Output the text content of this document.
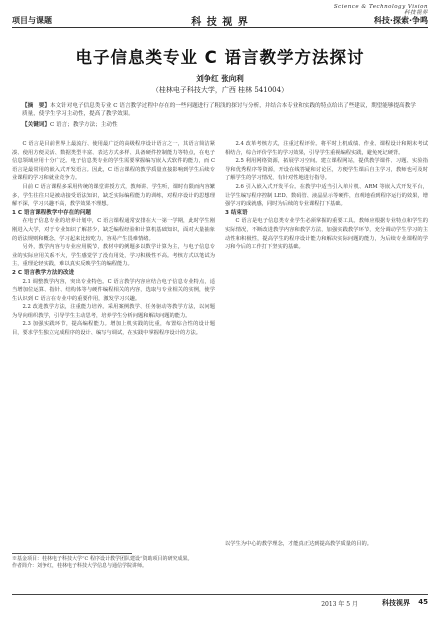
Science & Technology Vision
科技视界
项目与课题	科 技 视 界	科技·探索·争鸣
电子信息类专业 C 语言教学方法探讨
刘争红 张向利
（桂林电子科技大学，广西 桂林 541004）
【摘　要】本文针对电子信息类专业 C 语言教学过程中存在的一些问题进行了粗浅的探讨与分析，并结合本专业和实践的特点给出了些建议，期望能够提高教学质量，使学生学习主动性，提高了教学效果。
【关键词】C 语言；教学方法；主动性

C 语言是目前世界上最流行、使用最广泛的高级程序设计语言之一，其语言简洁紧凑、使用方便灵活、数据类型丰富、表达方式多样、具备硬件控制能力等特点，在电子信息领域应用十分广泛。电子信息类专业的学生需要掌握编写嵌入式软件的能力，而 C 语言是最常用的嵌入式开发语言。因此，C 语言课程的教学质量直接影响到学生后续专业课程的学习和就业竞争力。

目前 C 语言课程多采用传统的课堂讲授方式，教师讲、学生听，课时有限而内容繁多，学生往往只是被动接受语法知识，缺乏实际编程能力的训练，对程序设计的思想理解不深，学习兴趣不高，教学效果不理想。

1 C 语言课程教学中存在的问题

在电子信息专业的培养计划中，C 语言课程通常安排在大一第一学期，此时学生刚刚进入大学，对于专业知识了解甚少，缺乏编程经验和计算机基础知识，面对大量抽象的语法规则和概念，学习起来比较吃力，容易产生畏难情绪。

另外，教学内容与专业应用脱节，教材中的例题多以数学计算为主，与电子信息专业的实际应用关系不大，学生感觉学了没有用处，学习积极性不高。考核方式以笔试为主，重理论轻实践，难以真实反映学生的编程能力。

2 C 语言教学方法的改进

2.1 调整教学内容，突出专业特色。C 语言教学内容应结合电子信息专业特点，适当增加位运算、指针、结构体等与硬件编程相关的内容，选取与专业相关的实例，使学生认识到 C 语言在专业中的重要作用，激发学习兴趣。

2.2 改进教学方法，注重能力培养。采用案例教学、任务驱动等教学方法，以问题为导向组织教学，引导学生主动思考，培养学生分析问题和解决问题的能力。

2.3 加强实践环节，提高编程能力。增加上机实践的比重，布置综合性的设计题目，要求学生独立完成程序的设计、编写与调试，在实践中掌握程序设计的方法。

2.4 改革考核方式，注重过程评价。将平时上机成绩、作业、课程设计和期末考试相结合，综合评价学生的学习效果，引导学生重视编程实践，避免死记硬背。

2.5 利用网络资源，拓展学习空间。建立课程网站，提供教学课件、习题、实验指导和优秀程序等资源，开设在线答疑和讨论区，方便学生课后自主学习，教师也可及时了解学生的学习情况，有针对性地进行指导。

2.6 引入嵌入式开发平台。在教学中适当引入单片机、ARM 等嵌入式开发平台，让学生编写程序控制 LED、数码管、液晶显示等硬件，直观地看到程序运行的效果，增强学习的成就感，同时为后续的专业课程打下基础。

3 结束语

C 语言是电子信息类专业学生必须掌握的重要工具。教师应根据专业特点和学生的实际情况，不断改进教学内容和教学方法，加强实践教学环节，充分调动学生学习的主动性和积极性，提高学生的程序设计能力和解决实际问题的能力，为后续专业课程的学习和今后的工作打下坚实的基础。

以学生为中心的教学理念，才能真正达到提高教学质量的目的。
※基金项目：桂林电子科技大学“C 程序设计教学团队建设”资助项目的研究成果。
作者简介：刘争红，桂林电子科技大学信息与通信学院讲师。
2013 年 5 月	科技视界 45
